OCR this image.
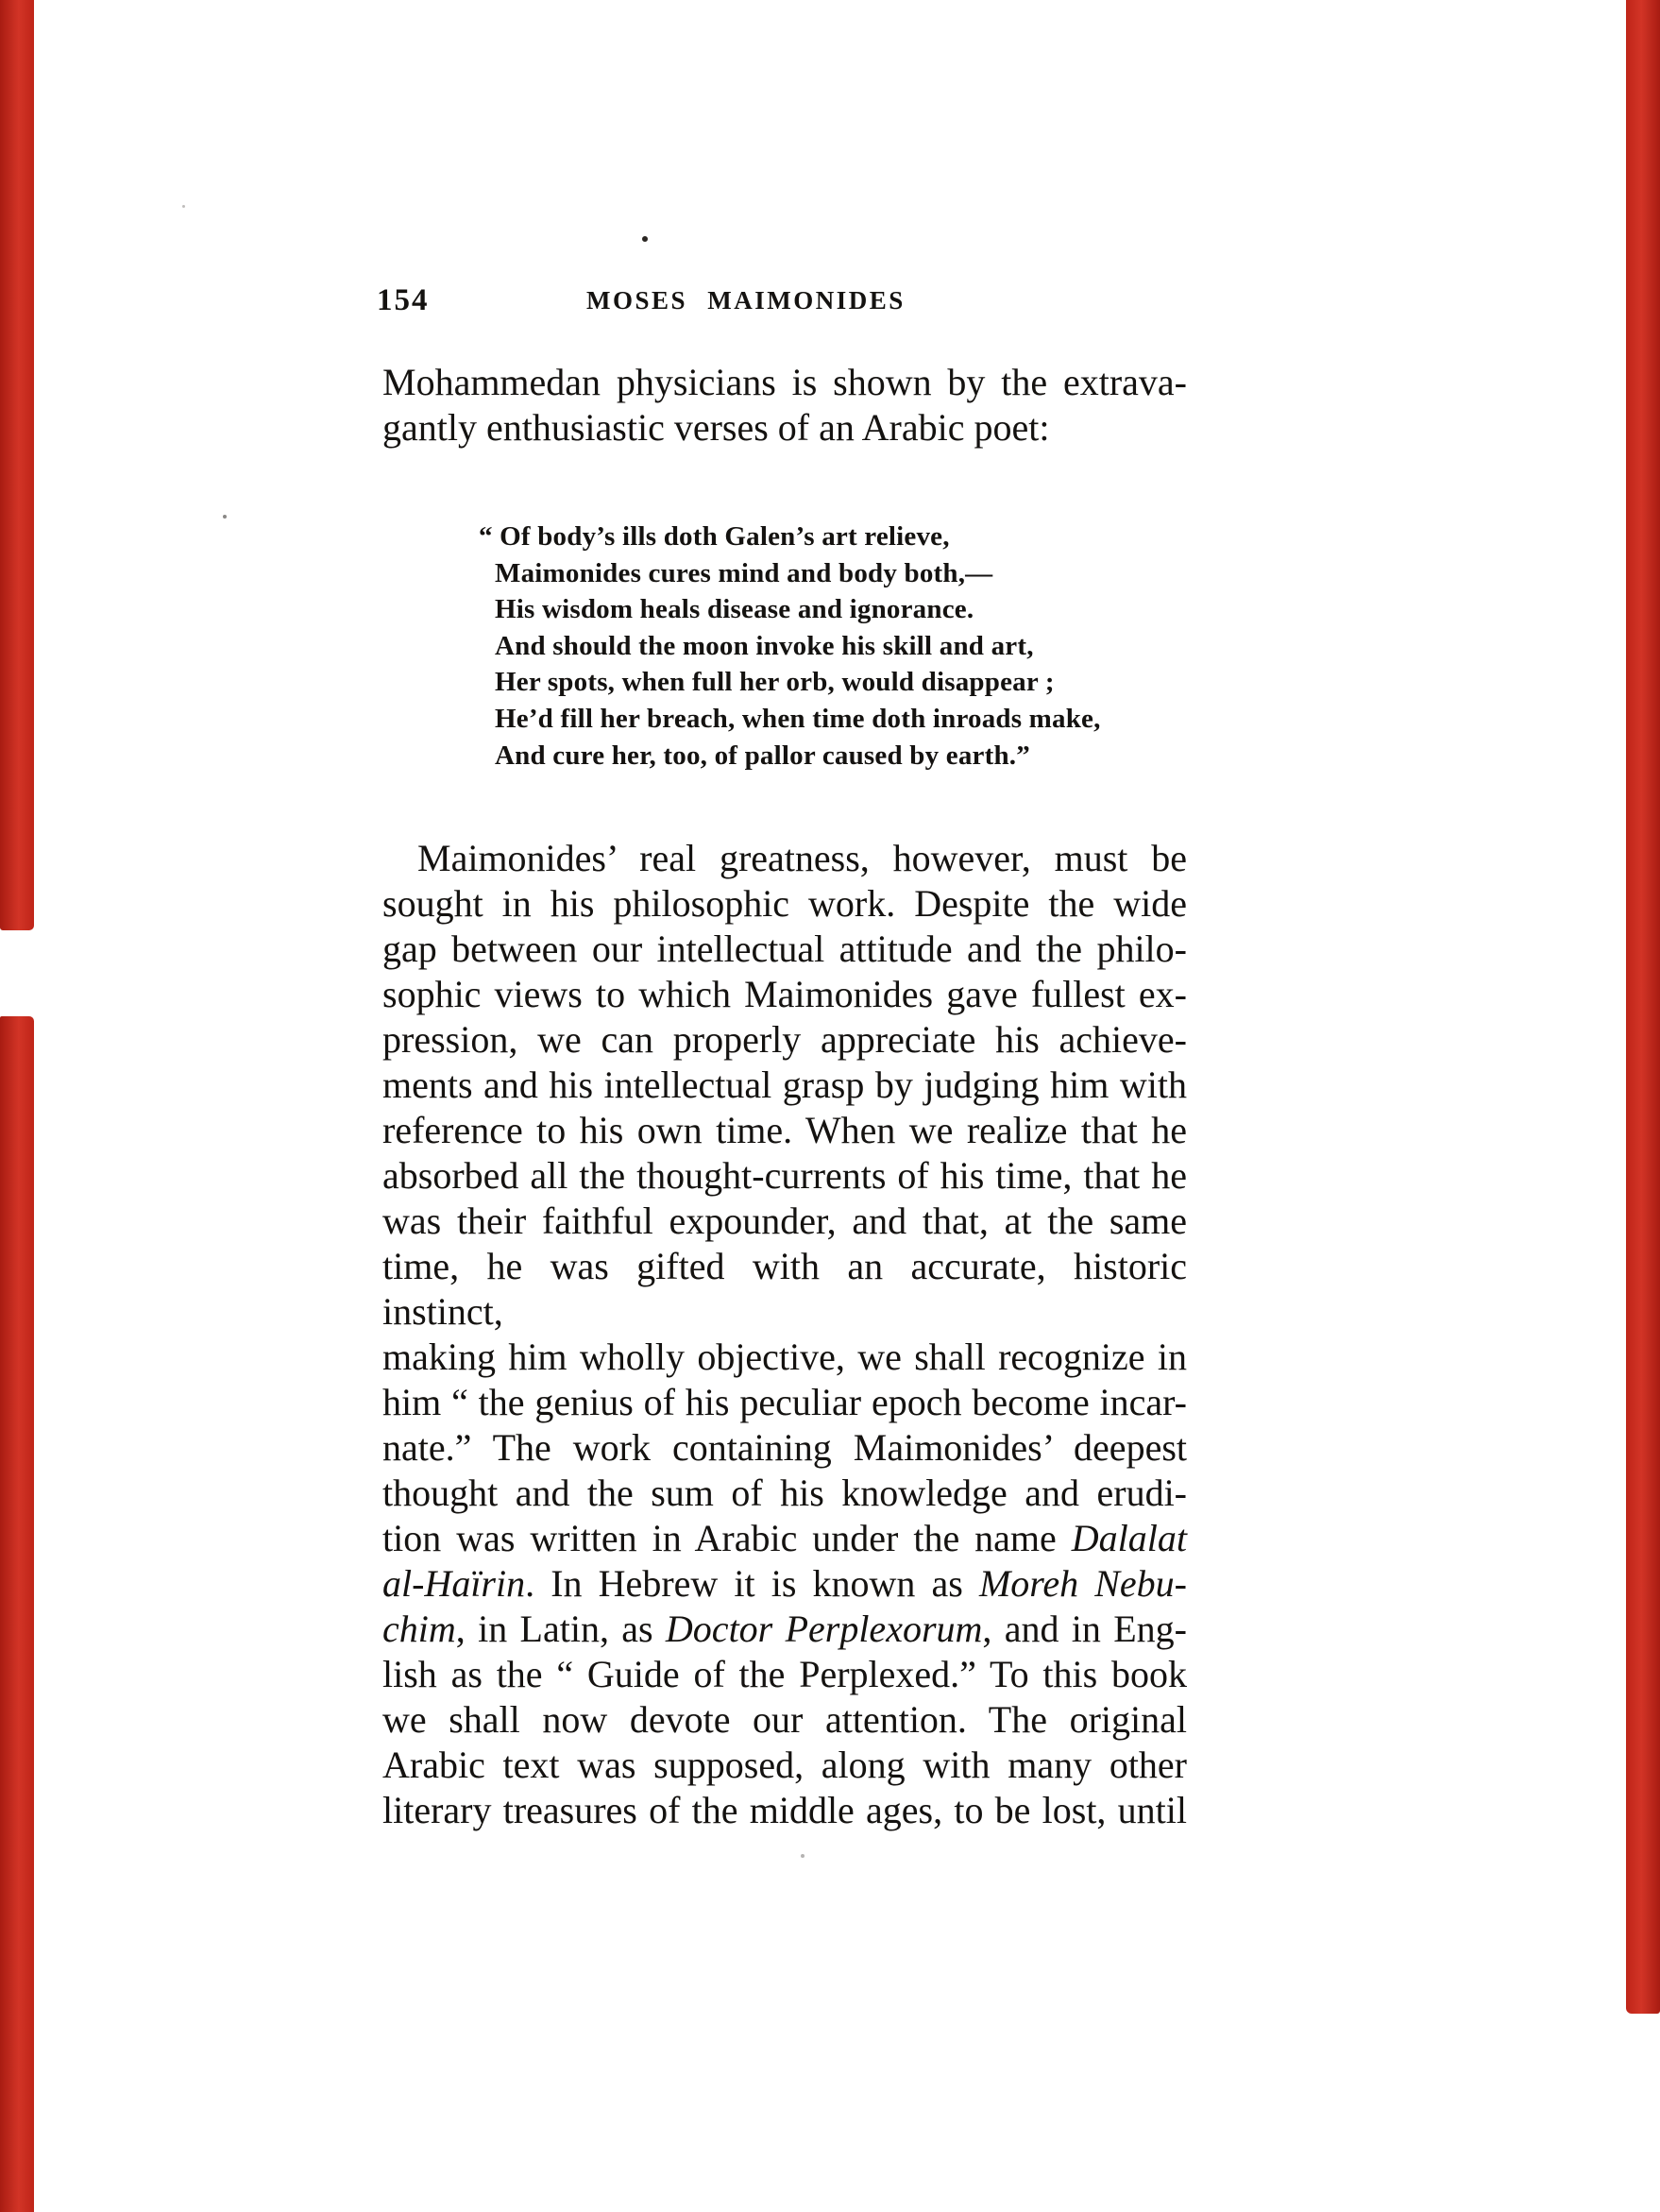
154	MOSES MAIMONIDES
Mohammedan physicians is shown by the extrava-
gantly enthusiastic verses of an Arabic poet:
“ Of body’s ills doth Galen’s art relieve,
Maimonides cures mind and body both,—
His wisdom heals disease and ignorance.
And should the moon invoke his skill and art,
Her spots, when full her orb, would disappear ;
He’d fill her breach, when time doth inroads make,
And cure her, too, of pallor caused by earth.”
Maimonides’ real greatness, however, must be
sought in his philosophic work. Despite the wide
gap between our intellectual attitude and the philo-
sophic views to which Maimonides gave fullest ex-
pression, we can properly appreciate his achieve-
ments and his intellectual grasp by judging him with
reference to his own time. When we realize that he
absorbed all the thought-currents of his time, that he
was their faithful expounder, and that, at the same
time, he was gifted with an accurate, historic instinct,
making him wholly objective, we shall recognize in
him “ the genius of his peculiar epoch become incar-
nate.” The work containing Maimonides’ deepest
thought and the sum of his knowledge and erudi-
tion was written in Arabic under the name Dalalat
al-Haïrin. In Hebrew it is known as Moreh Nebu-
chim, in Latin, as Doctor Perplexorum, and in Eng-
lish as the “ Guide of the Perplexed.” To this book
we shall now devote our attention. The original
Arabic text was supposed, along with many other
literary treasures of the middle ages, to be lost, until
